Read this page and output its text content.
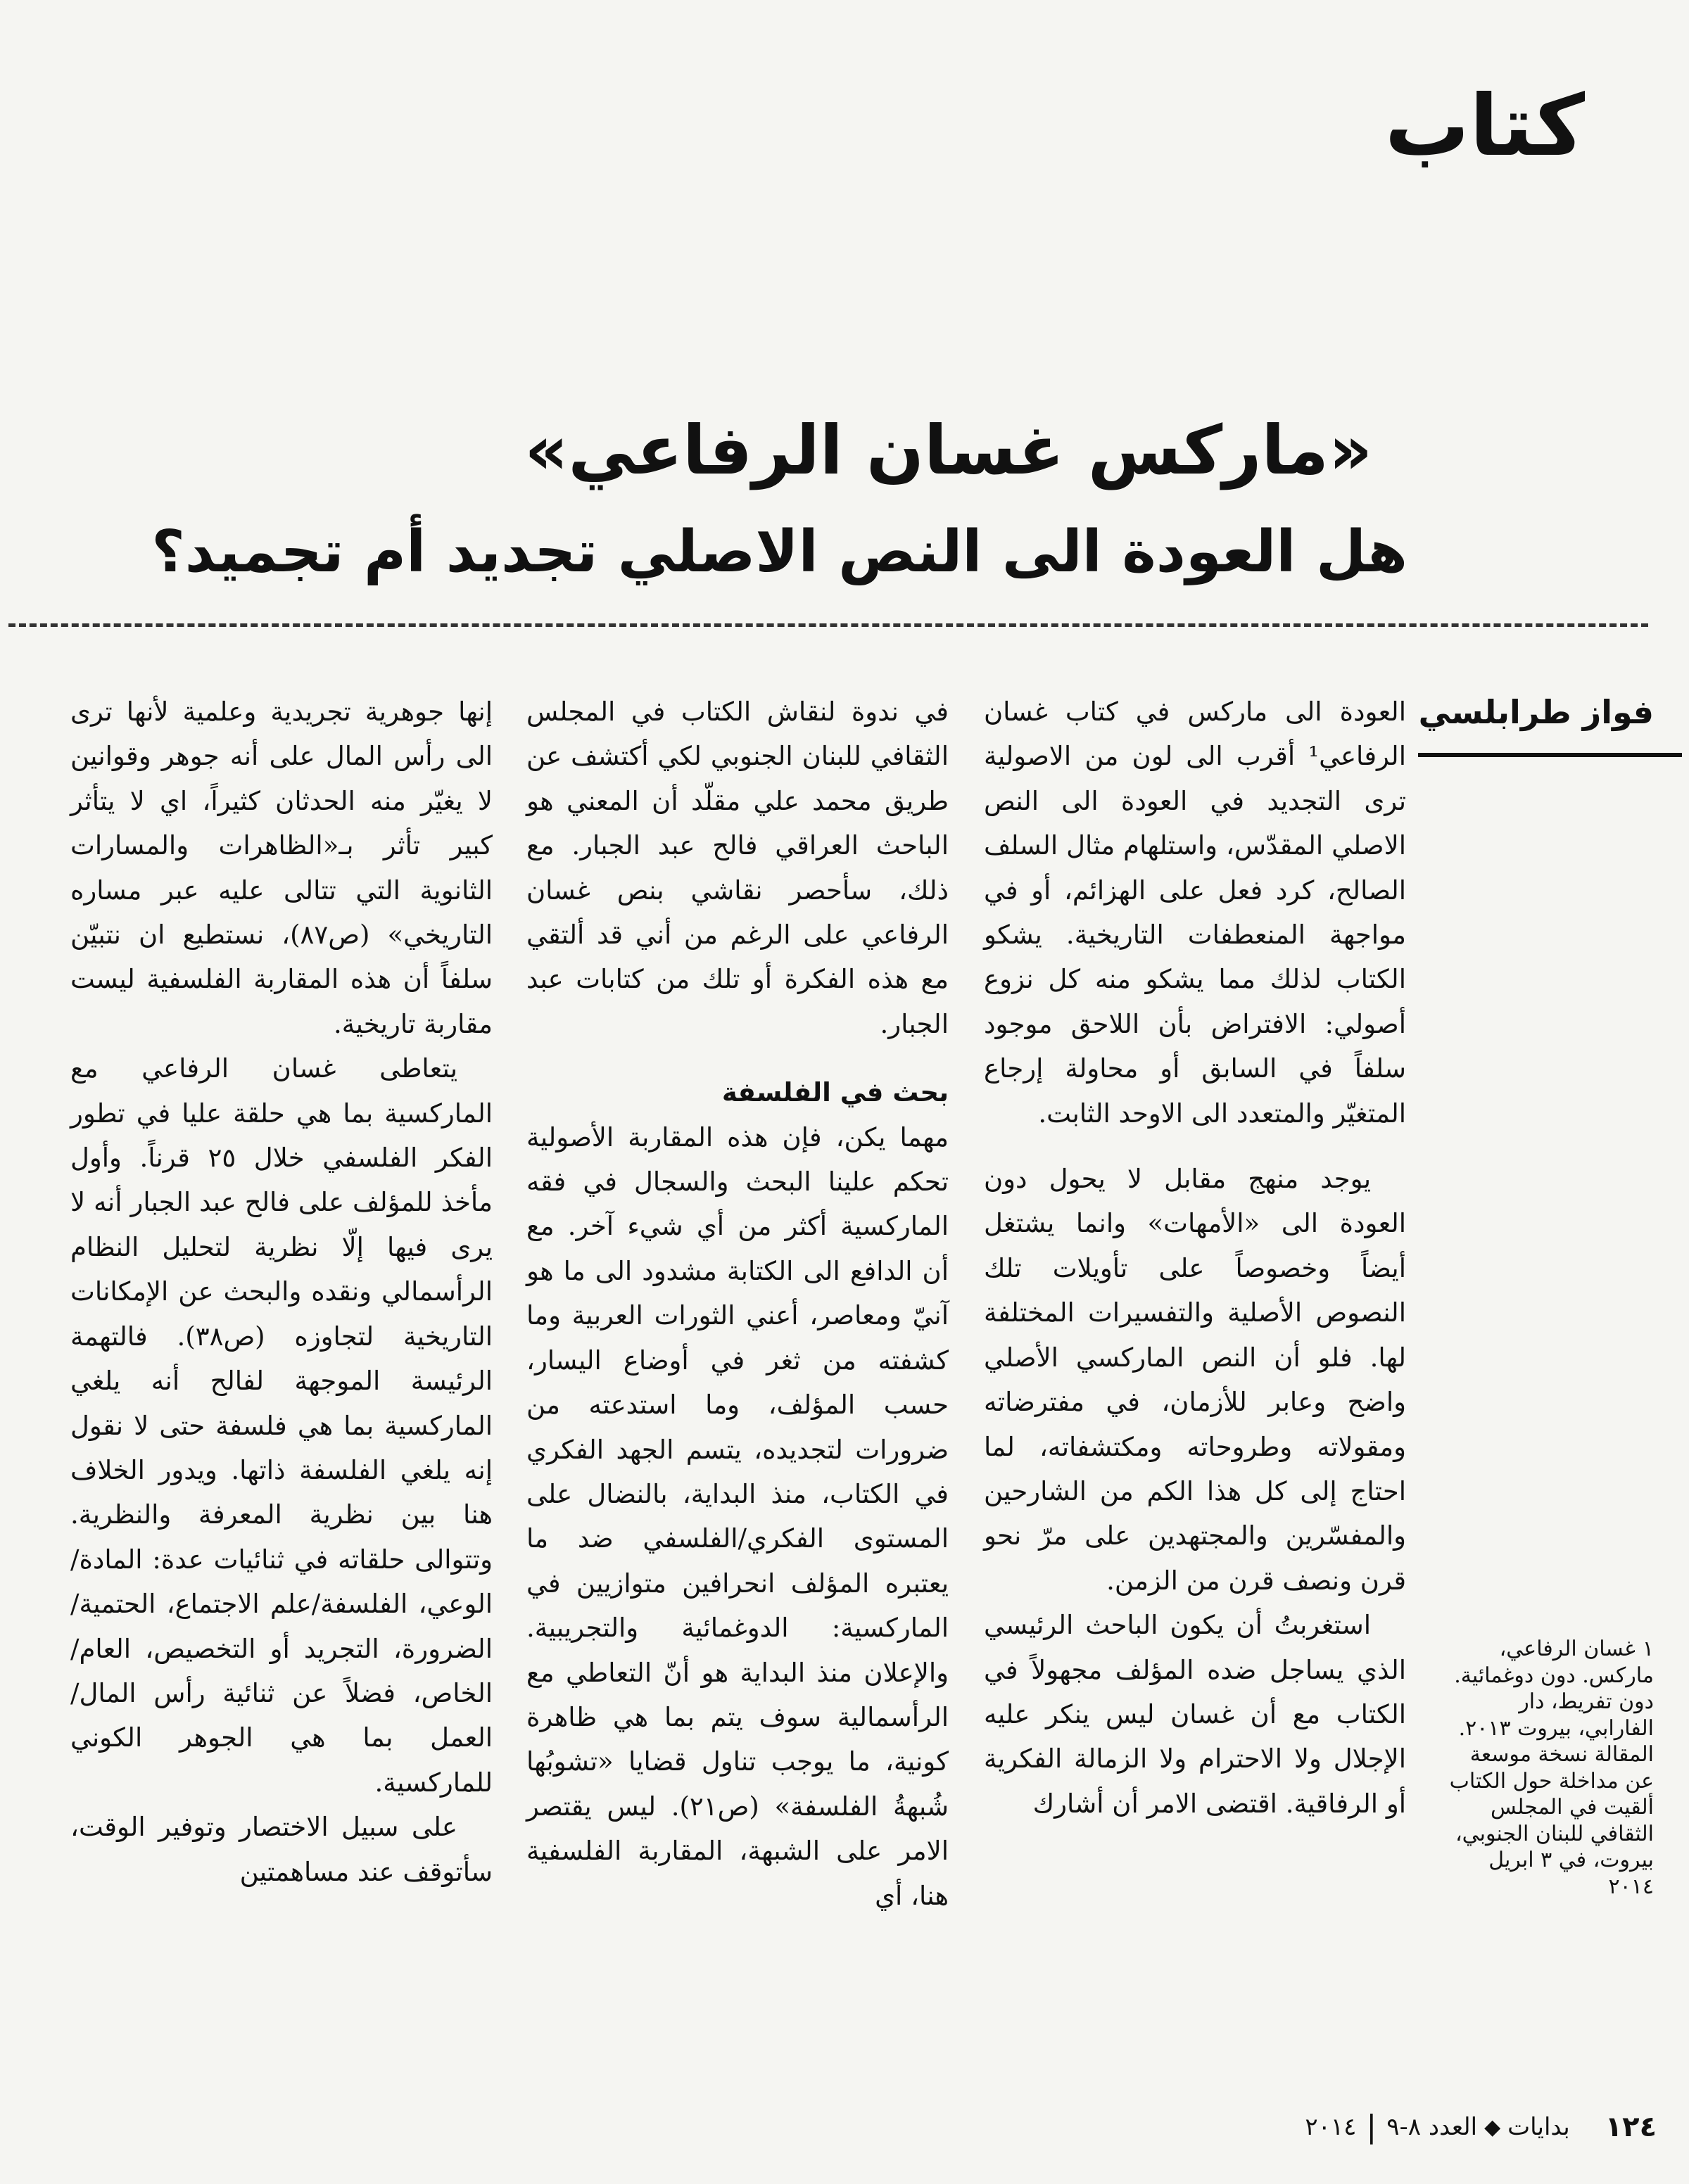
كتاب
«ماركس غسان الرفاعي»
هل العودة الى النص الاصلي تجديد أم تجميد؟
فواز طرابلسي

العودة الى ماركس في كتاب غسان الرفاعي¹ أقرب الى لون من الاصولية ترى التجديد في العودة الى النص الاصلي المقدّس، واستلهام مثال السلف الصالح، كرد فعل على الهزائم، أو في مواجهة المنعطفات التاريخية. يشكو الكتاب لذلك مما يشكو منه كل نزوع أصولي: الافتراض بأن اللاحق موجود سلفاً في السابق أو محاولة إرجاع المتغيّر والمتعدد الى الاوحد الثابت.

يوجد منهج مقابل لا يحول دون العودة الى «الأمهات» وانما يشتغل أيضاً وخصوصاً على تأويلات تلك النصوص الأصلية والتفسيرات المختلفة لها. فلو أن النص الماركسي الأصلي واضح وعابر للأزمان، في مفترضاته ومقولاته وطروحاته ومكتشفاته، لما احتاج إلى كل هذا الكم من الشارحين والمفسّرين والمجتهدين على مرّ نحو قرن ونصف قرن من الزمن.

استغربتُ أن يكون الباحث الرئيسي الذي يساجل ضده المؤلف مجهولاً في الكتاب مع أن غسان ليس ينكر عليه الإجلال ولا الاحترام ولا الزمالة الفكرية أو الرفاقية. اقتضى الامر أن أشارك

في ندوة لنقاش الكتاب في المجلس الثقافي للبنان الجنوبي لكي أكتشف عن طريق محمد علي مقلّد أن المعني هو الباحث العراقي فالح عبد الجبار. مع ذلك، سأحصر نقاشي بنص غسان الرفاعي على الرغم من أني قد ألتقي مع هذه الفكرة أو تلك من كتابات عبد الجبار.

بحث في الفلسفة

مهما يكن، فإن هذه المقاربة الأصولية تحكم علينا البحث والسجال في فقه الماركسية أكثر من أي شيء آخر. مع أن الدافع الى الكتابة مشدود الى ما هو آنيّ ومعاصر، أعني الثورات العربية وما كشفته من ثغر في أوضاع اليسار، حسب المؤلف، وما استدعته من ضرورات لتجديده، يتسم الجهد الفكري في الكتاب، منذ البداية، بالنضال على المستوى الفكري/الفلسفي ضد ما يعتبره المؤلف انحرافين متوازيين في الماركسية: الدوغمائية والتجريبية. والإعلان منذ البداية هو أنّ التعاطي مع الرأسمالية سوف يتم بما هي ظاهرة كونية، ما يوجب تناول قضايا «تشوبُها شُبهةُ الفلسفة» (ص٢١). ليس يقتصر الامر على الشبهة، المقاربة الفلسفية هنا، أي

إنها جوهرية تجريدية وعلمية لأنها ترى الى رأس المال على أنه جوهر وقوانين لا يغيّر منه الحدثان كثيراً، اي لا يتأثر كبير تأثر بـ«الظاهرات والمسارات الثانوية التي تتالى عليه عبر مساره التاريخي» (ص٨٧)، نستطيع ان نتبيّن سلفاً أن هذه المقاربة الفلسفية ليست مقاربة تاريخية.

يتعاطى غسان الرفاعي مع الماركسية بما هي حلقة عليا في تطور الفكر الفلسفي خلال ٢٥ قرناً. وأول مأخذ للمؤلف على فالح عبد الجبار أنه لا يرى فيها إلّا نظرية لتحليل النظام الرأسمالي ونقده والبحث عن الإمكانات التاريخية لتجاوزه (ص٣٨). فالتهمة الرئيسة الموجهة لفالح أنه يلغي الماركسية بما هي فلسفة حتى لا نقول إنه يلغي الفلسفة ذاتها. ويدور الخلاف هنا بين نظرية المعرفة والنظرية. وتتوالى حلقاته في ثنائيات عدة: المادة/الوعي، الفلسفة/علم الاجتماع، الحتمية/الضرورة، التجريد أو التخصيص، العام/الخاص، فضلاً عن ثنائية رأس المال/العمل بما هي الجوهر الكوني للماركسية.

على سبيل الاختصار وتوفير الوقت، سأتوقف عند مساهمتين

١غسان الرفاعي، ماركس. دون دوغمائية. دون تفريط، دار الفارابي، بيروت ٢٠١٣. المقالة نسخة موسعة عن مداخلة حول الكتاب ألقيت في المجلس الثقافي للبنان الجنوبي، بيروت، في ٣ ابريل ٢٠١٤
١٢٤
بدايات
◆
العدد ٨-٩
|
٢٠١٤
